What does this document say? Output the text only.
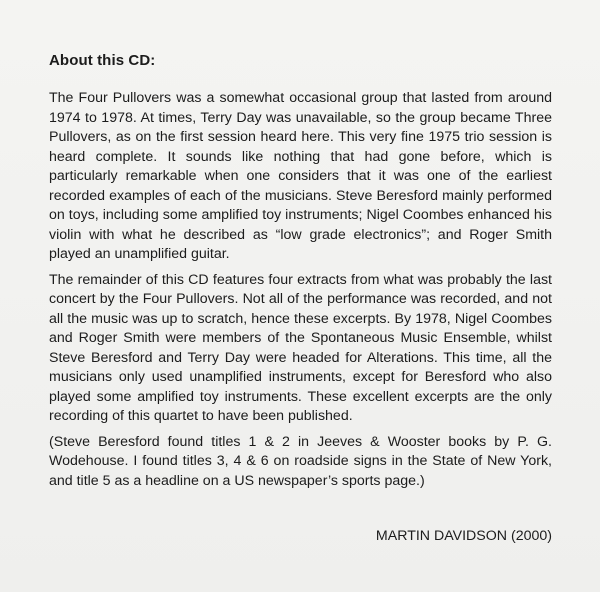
About this CD:

The Four Pullovers was a somewhat occasional group that lasted from around 1974 to 1978. At times, Terry Day was unavailable, so the group became Three Pullovers, as on the first session heard here. This very fine 1975 trio session is heard complete. It sounds like nothing that had gone before, which is particularly remarkable when one considers that it was one of the earliest recorded examples of each of the musicians. Steve Beresford mainly performed on toys, including some amplified toy instruments; Nigel Coombes enhanced his violin with what he described as “low grade electronics”; and Roger Smith played an unamplified guitar.

The remainder of this CD features four extracts from what was probably the last concert by the Four Pullovers. Not all of the performance was recorded, and not all the music was up to scratch, hence these excerpts. By 1978, Nigel Coombes and Roger Smith were members of the Spontaneous Music Ensemble, whilst Steve Beresford and Terry Day were headed for Alterations. This time, all the musicians only used unamplified instruments, except for Beresford who also played some amplified toy instruments. These excellent excerpts are the only recording of this quartet to have been published.

(Steve Beresford found titles 1 & 2 in Jeeves & Wooster books by P. G. Wodehouse. I found titles 3, 4 & 6 on roadside signs in the State of New York, and title 5 as a headline on a US newspaper’s sports page.)

MARTIN DAVIDSON (2000)
